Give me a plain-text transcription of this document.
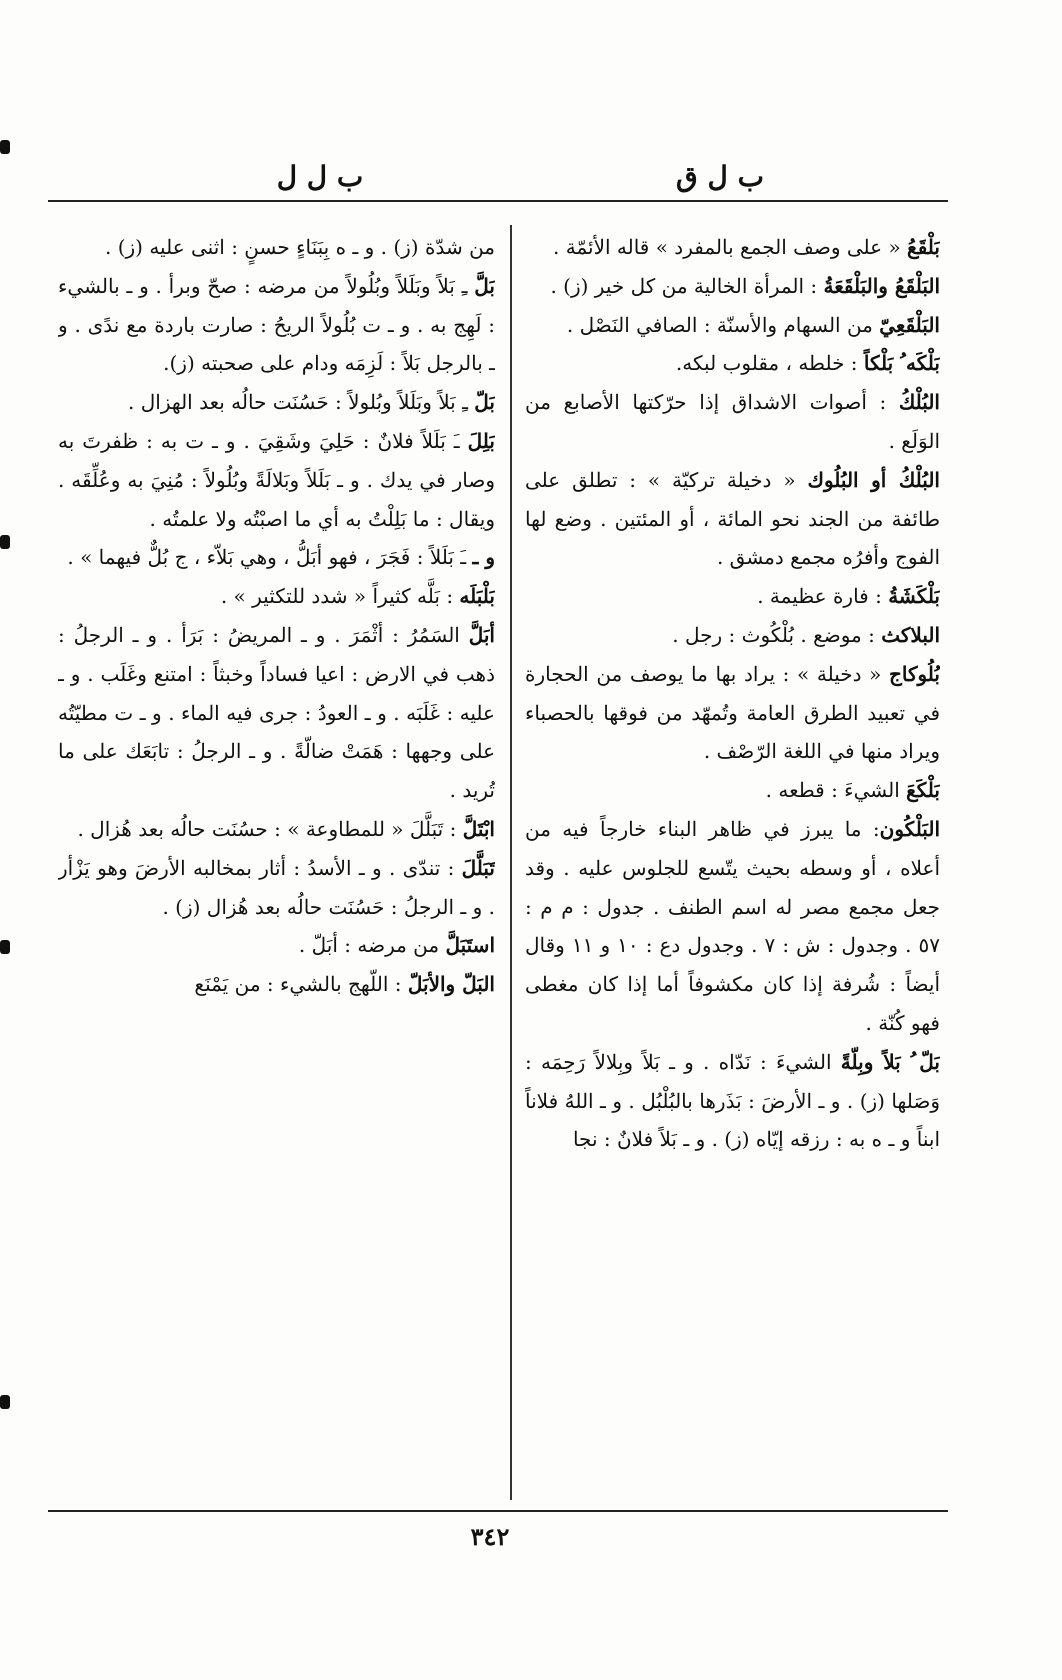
ب ل ق
ب ل ل

بَلْقَعُ « على وصف الجمع بالمفرد » قاله الأئمّة .

البَلْقَعُ والبَلْقَعَةُ : المرأة الخالية من كل خير (ز) .

البَلْقَعِيّ من السهام والأسنّة : الصافي النَصْل .

بَلْكَه ُ بَلْكاً : خلطه ، مقلوب لبكه.

البُلْكُ : أصوات الاشداق إذا حرّكتها الأصابع من الوَلَع .

البُلْكُ أو البُلُوك « دخيلة تركيّة » : تطلق على طائفة من الجند نحو المائة ، أو المئتين . وضع لها الفوج وأفرُه مجمع دمشق .

بَلْكَشَةُ : فارة عظيمة .

البلاكث : موضع . بُلْكُوث : رجل .

بُلُوكاج « دخيلة » : يراد بها ما يوصف من الحجارة في تعبيد الطرق العامة وتُمهّد من فوقها بالحصباء ويراد منها في اللغة الرّصْف .

بَلْكَعَ الشيءَ : قطعه .

البَلْكُون: ما يبرز في ظاهر البناء خارجاً فيه من أعلاه ، أو وسطه بحيث يتّسع للجلوس عليه . وقد جعل مجمع مصر له اسم الطنف . جدول : م م : ٥٧ . وجدول : ش : ٧ . وجدول دع : ١٠ و ١١ وقال أيضاً : شُرفة إذا كان مكشوفاً أما إذا كان مغطى فهو كُنّة .

بَلّ ُ بَلاً وبِلّةً الشيءَ : نَدّاه . و ـ بَلاً وبِلالاً رَحِمَه : وَصَلها (ز) . و ـ الأرضَ : بَذَرها بالبُلْبُل . و ـ اللهُ فلاناً ابناً و ـ ه به : رزقه إيّاه (ز) . و ـ بَلاً فلانٌ : نجا

من شدّة (ز) . و ـ ه بِبَنَاءٍ حسنٍ : اثنى عليه (ز) .

بَلَّ ـِ بَلاً وبَلَلاً وبُلُولاً من مرضه : صحّ وبرأ . و ـ بالشيء : لَهِج به . و ـ ت بُلُولاً الريحُ : صارت باردة مع ندًى . و ـ بالرجل بَلاً : لَزِمَه ودام على صحبته (ز).

بَلّ ـِ بَلاً وبَلَلاً وبُلولاً : حَسُنَت حالُه بعد الهزال .

بَلِلَ ـَ بَلَلاً فلانٌ : حَلِيَ وشَقِيَ . و ـ ت به : ظفرتَ به وصار في يدك . و ـ بَلَلاً وبَلالَةً وبُلُولاً : مُنِيَ به وعُلِّقَه . ويقال : ما بَلِلْتُ به أي ما اصبْتُه ولا علمتُه .

و ـ ـَ بَلَلاً : فَجَرَ ، فهو أبَلُّ ، وهي بَلاّء ، ج بُلٌّ فيهما » .

بَلْبَلَه : بَلَّه كثيراً « شدد للتكثير » .

أبَلَّ السَمُرُ : أثْمَرَ . و ـ المريضُ : بَرَأ . و ـ الرجلُ : ذهب في الارض : اعيا فساداً وخبثاً : امتنع وغَلَب . و ـ عليه : غَلَبَه . و ـ العودُ : جرى فيه الماء . و ـ ت مطيّتُه على وجهها : هَمَتْ ضالّةً . و ـ الرجلُ : تابَعَك على ما تُريد .

ابْتَلَّ : تَبَلَّلَ « للمطاوعة » : حسُنَت حالُه بعد هُزال .

تَبَلَّلَ : تندّى . و ـ الأسدُ : أثار بمخالبه الأرضَ وهو يَزْأر . و ـ الرجلُ : حَسُنَت حالُه بعد هُزال (ز) .

استَبَلَّ من مرضه : أبَلّ .

البَلّ والأبَلّ : اللّهج بالشيء : من يَمْنَع

٣٤٢
